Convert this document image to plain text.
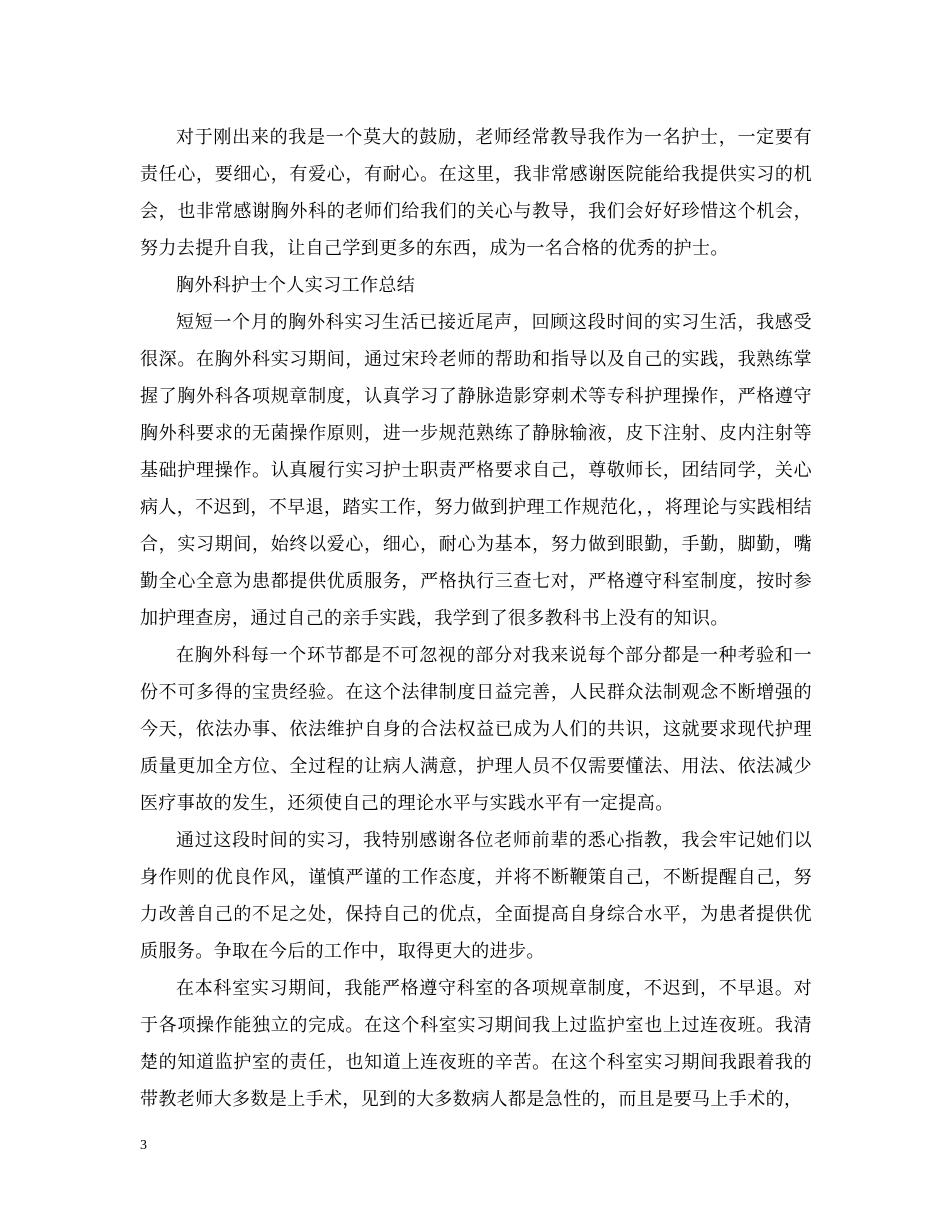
对于刚出来的我是一个莫大的鼓励，老师经常教导我作为一名护士，一定要有责任心，要细心，有爱心，有耐心。在这里，我非常感谢医院能给我提供实习的机会，也非常感谢胸外科的老师们给我们的关心与教导，我们会好好珍惜这个机会，努力去提升自我，让自己学到更多的东西，成为一名合格的优秀的护士。

胸外科护士个人实习工作总结

短短一个月的胸外科实习生活已接近尾声，回顾这段时间的实习生活，我感受很深。在胸外科实习期间，通过宋玲老师的帮助和指导以及自己的实践，我熟练掌握了胸外科各项规章制度，认真学习了静脉造影穿刺术等专科护理操作，严格遵守胸外科要求的无菌操作原则，进一步规范熟练了静脉输液，皮下注射、皮内注射等基础护理操作。认真履行实习护士职责严格要求自己，尊敬师长，团结同学，关心病人，不迟到，不早退，踏实工作，努力做到护理工作规范化，，将理论与实践相结合，实习期间，始终以爱心，细心，耐心为基本，努力做到眼勤，手勤，脚勤，嘴勤全心全意为患都提供优质服务，严格执行三查七对，严格遵守科室制度，按时参加护理查房，通过自己的亲手实践，我学到了很多教科书上没有的知识。

在胸外科每一个环节都是不可忽视的部分对我来说每个部分都是一种考验和一份不可多得的宝贵经验。在这个法律制度日益完善，人民群众法制观念不断增强的今天，依法办事、依法维护自身的合法权益已成为人们的共识，这就要求现代护理质量更加全方位、全过程的让病人满意，护理人员不仅需要懂法、用法、依法减少医疗事故的发生，还须使自己的理论水平与实践水平有一定提高。

通过这段时间的实习，我特别感谢各位老师前辈的悉心指教，我会牢记她们以身作则的优良作风，谨慎严谨的工作态度，并将不断鞭策自己，不断提醒自己，努力改善自己的不足之处，保持自己的优点，全面提高自身综合水平，为患者提供优质服务。争取在今后的工作中，取得更大的进步。

在本科室实习期间，我能严格遵守科室的各项规章制度，不迟到，不早退。对于各项操作能独立的完成。在这个科室实习期间我上过监护室也上过连夜班。我清楚的知道监护室的责任，也知道上连夜班的辛苦。在这个科室实习期间我跟着我的带教老师大多数是上手术，见到的大多数病人都是急性的，而且是要马上手术的，

3
